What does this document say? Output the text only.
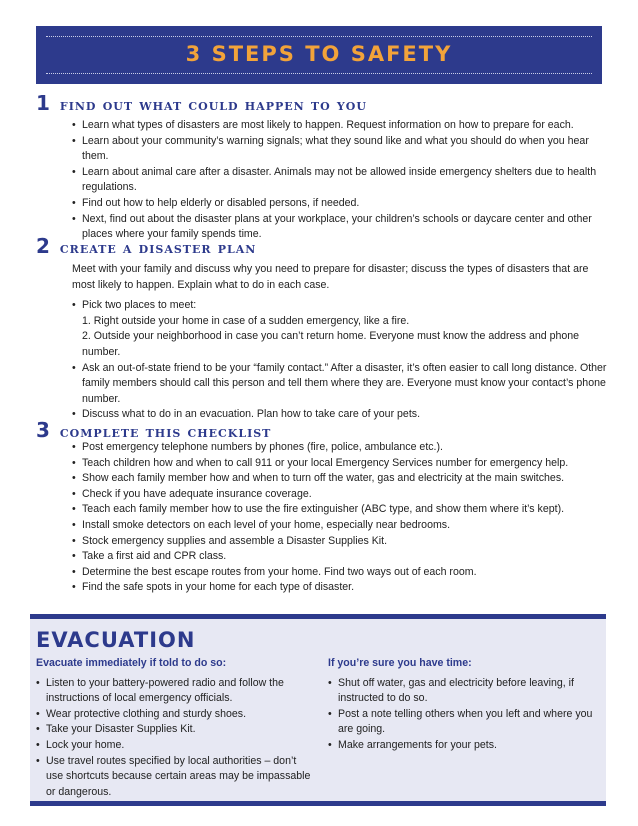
3 STEPS TO SAFETY
1 find out what could happen to you
• Learn what types of disasters are most likely to happen. Request information on how to prepare for each.
• Learn about your community’s warning signals; what they sound like and what you should do when you hear them.
• Learn about animal care after a disaster. Animals may not be allowed inside emergency shelters due to health regulations.
• Find out how to help elderly or disabled persons, if needed.
• Next, find out about the disaster plans at your workplace, your children’s schools or daycare center and other places where your family spends time.
2 create a disaster plan
Meet with your family and discuss why you need to prepare for disaster; discuss the types of disasters that are most likely to happen. Explain what to do in each case.
• Pick two places to meet:
1. Right outside your home in case of a sudden emergency, like a fire.
2. Outside your neighborhood in case you can’t return home. Everyone must know the address and phone number.
• Ask an out-of-state friend to be your “family contact.” After a disaster, it’s often easier to call long distance. Other family members should call this person and tell them where they are. Everyone must know your contact’s phone number.
• Discuss what to do in an evacuation. Plan how to take care of your pets.
3 complete this checklist
• Post emergency telephone numbers by phones (fire, police, ambulance etc.).
• Teach children how and when to call 911 or your local Emergency Services number for emergency help.
• Show each family member how and when to turn off the water, gas and electricity at the main switches.
• Check if you have adequate insurance coverage.
• Teach each family member how to use the fire extinguisher (ABC type, and show them where it’s kept).
• Install smoke detectors on each level of your home, especially near bedrooms.
• Stock emergency supplies and assemble a Disaster Supplies Kit.
• Take a first aid and CPR class.
• Determine the best escape routes from your home. Find two ways out of each room.
• Find the safe spots in your home for each type of disaster.
EVACUATION
Evacuate immediately if told to do so:
• Listen to your battery-powered radio and follow the instructions of local emergency officials.
• Wear protective clothing and sturdy shoes.
• Take your Disaster Supplies Kit.
• Lock your home.
• Use travel routes specified by local authorities – don’t use shortcuts because certain areas may be impassable or dangerous.
If you’re sure you have time:
• Shut off water, gas and electricity before leaving, if instructed to do so.
• Post a note telling others when you left and where you are going.
• Make arrangements for your pets.
